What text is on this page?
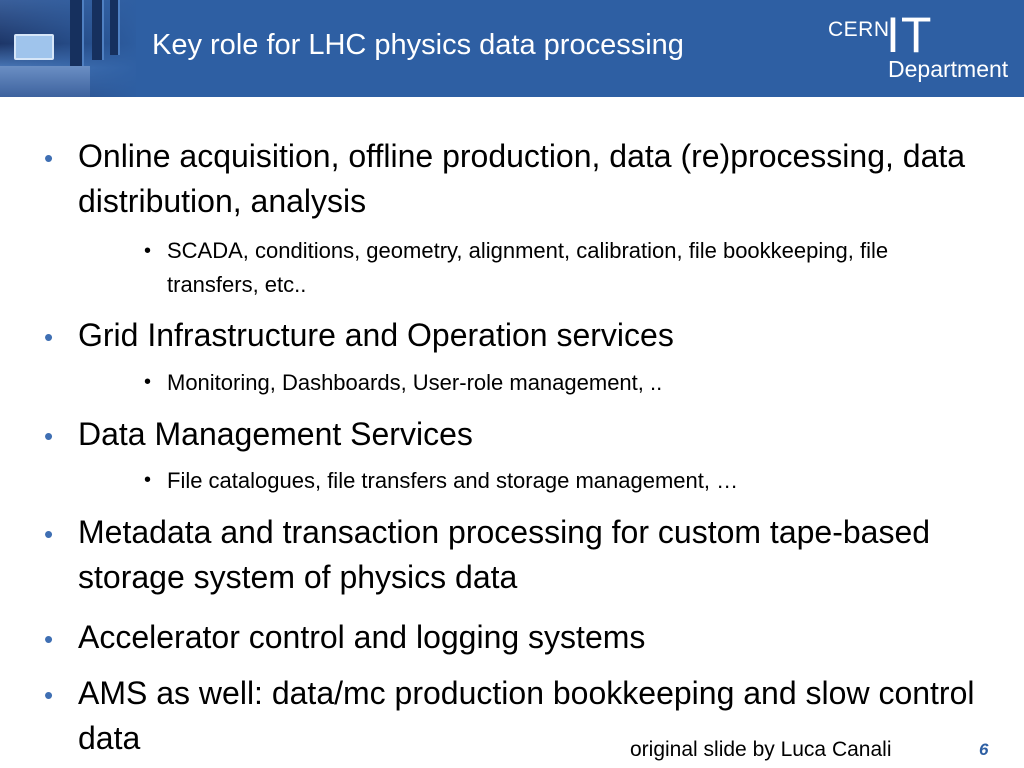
Key role for LHC physics data processing	CERN
IT
Department
• Online acquisition, offline production, data (re)processing, data distribution, analysis
• SCADA, conditions, geometry, alignment, calibration, file bookkeeping, file transfers, etc..
• Grid Infrastructure and Operation services
• Monitoring, Dashboards, User-role management, ..
• Data Management Services
• File catalogues, file transfers and storage management, …
• Metadata and transaction processing for custom tape-based storage system of physics data
• Accelerator control and logging systems
• AMS as well: data/mc production bookkeeping and slow control data	original slide by Luca Canali	6
